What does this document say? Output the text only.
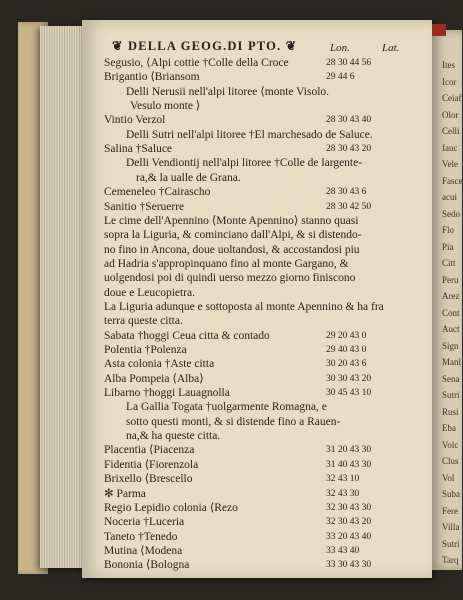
❦ DELLA GEOG.DI PTO. ❦	Lon.	Lat.
Segusio, ⟨Alpi cottie †Colle della Croce	28 30 44 56
Brigantio ⟨Briansom	29 44 6
Delli Nerusii nell'alpi litoree ⟨monte Visolo.
Vesulo monte ⟩
Vintio Verzol	28 30 43 40
Delli Sutri nell'alpi litoree †El marchesado de Saluce.
Salina †Saluce	28 30 43 20
Delli Vendiontij nell'alpi litoree †Colle de largente-
ra,& la ualle de Grana.
Cemeneleo †Cairascho	28 30 43 6
Sanitio †Seruerre	28 30 42 50
Le cime dell'Apennino ⟨Monte Apennino⟩ stanno quasi
sopra la Liguria, & cominciano dall'Alpi, & si distendo-
no fino in Ancona, doue uoltandosi, & accostandosi piu
ad Hadria s'appropinquano fino al monte Gargano, &
uolgendosi poi di quindi uerso mezzo giorno finiscono
doue e Leucopietra.
La Liguria adunque e sottoposta al monte Apennino & ha fra
terra queste citta.
Sabata †hoggi Ceua citta & contado	29 20 43 0
Polentia †Polenza	29 40 43 0
Asta colonia †Aste citta	30 20 43 6
Alba Pompeia ⟨Alba⟩	30 30 43 20
Libarno †hoggi Lauagnolla	30 45 43 10
La Gallia Togata †uolgarmente Romagna, e
sotto questi monti, & si distende fino a Rauen-
na,& ha queste citta.
Placentia ⟨Piacenza	31 20 43 30
Fidentia ⟨Fiorenzola	31 40 43 30
Brixello ⟨Brescello	32 43 10
✻ Parma	32 43 30
Regio Lepidio colonia ⟨Rezo	32 30 43 30
Noceria †Luceria	32 30 43 20
Taneto †Tenedo	33 20 43 40
Mutina ⟨Modena	33 43 40
Bononia ⟨Bologna	33 30 43 30
Ites
Icor
Ceiaf
Olor
Celli
fauc
Vele
Fasce
acui
Sedo
Flo
Pia
Citt
Peru
Arez
Cont
Auct
Sign
Manl
Sena
Sutri
Rusi
Eba
Volc
Clus
Vol
Suba
Fere
Villa
Sutri
Tarq
